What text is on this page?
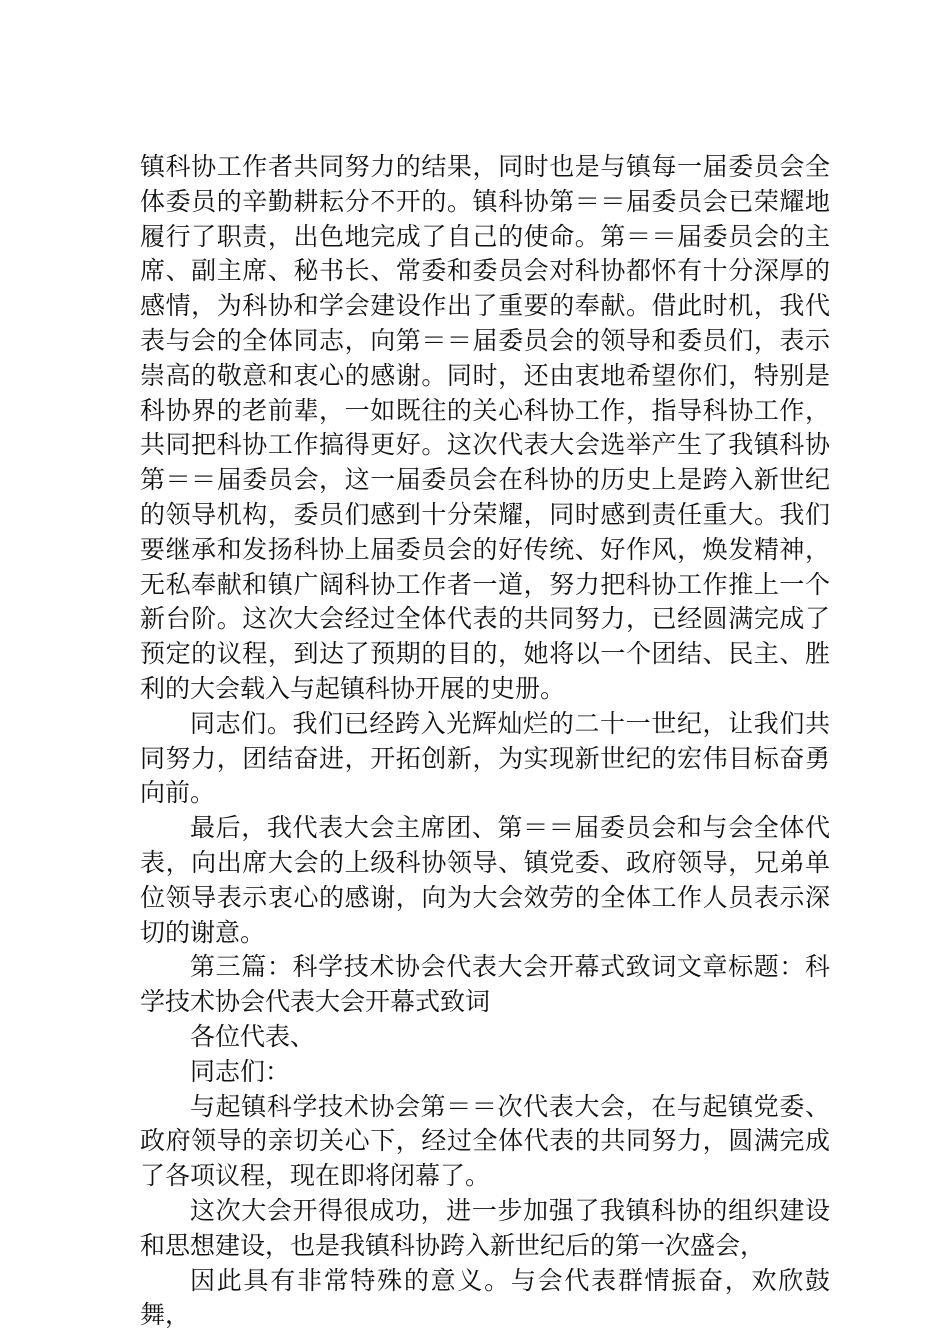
镇科协工作者共同努力的结果，同时也是与镇每一届委员会全体委员的辛勤耕耘分不开的。镇科协第＝＝届委员会已荣耀地履行了职责，出色地完成了自己的使命。第＝＝届委员会的主席、副主席、秘书长、常委和委员会对科协都怀有十分深厚的感情，为科协和学会建设作出了重要的奉献。借此时机，我代表与会的全体同志，向第＝＝届委员会的领导和委员们，表示崇高的敬意和衷心的感谢。同时，还由衷地希望你们，特别是科协界的老前辈，一如既往的关心科协工作，指导科协工作，共同把科协工作搞得更好。这次代表大会选举产生了我镇科协第＝＝届委员会，这一届委员会在科协的历史上是跨入新世纪的领导机构，委员们感到十分荣耀，同时感到责任重大。我们要继承和发扬科协上届委员会的好传统、好作风，焕发精神，无私奉献和镇广阔科协工作者一道，努力把科协工作推上一个新台阶。这次大会经过全体代表的共同努力，已经圆满完成了预定的议程，到达了预期的目的，她将以一个团结、民主、胜利的大会载入与起镇科协开展的史册。

同志们。我们已经跨入光辉灿烂的二十一世纪，让我们共同努力，团结奋进，开拓创新，为实现新世纪的宏伟目标奋勇向前。

最后，我代表大会主席团、第＝＝届委员会和与会全体代表，向出席大会的上级科协领导、镇党委、政府领导，兄弟单位领导表示衷心的感谢，向为大会效劳的全体工作人员表示深切的谢意。

第三篇：科学技术协会代表大会开幕式致词文章标题：科学技术协会代表大会开幕式致词

各位代表、

同志们：

与起镇科学技术协会第＝＝次代表大会，在与起镇党委、政府领导的亲切关心下，经过全体代表的共同努力，圆满完成了各项议程，现在即将闭幕了。

这次大会开得很成功，进一步加强了我镇科协的组织建设和思想建设，也是我镇科协跨入新世纪后的第一次盛会，

因此具有非常特殊的意义。与会代表群情振奋，欢欣鼓舞，
